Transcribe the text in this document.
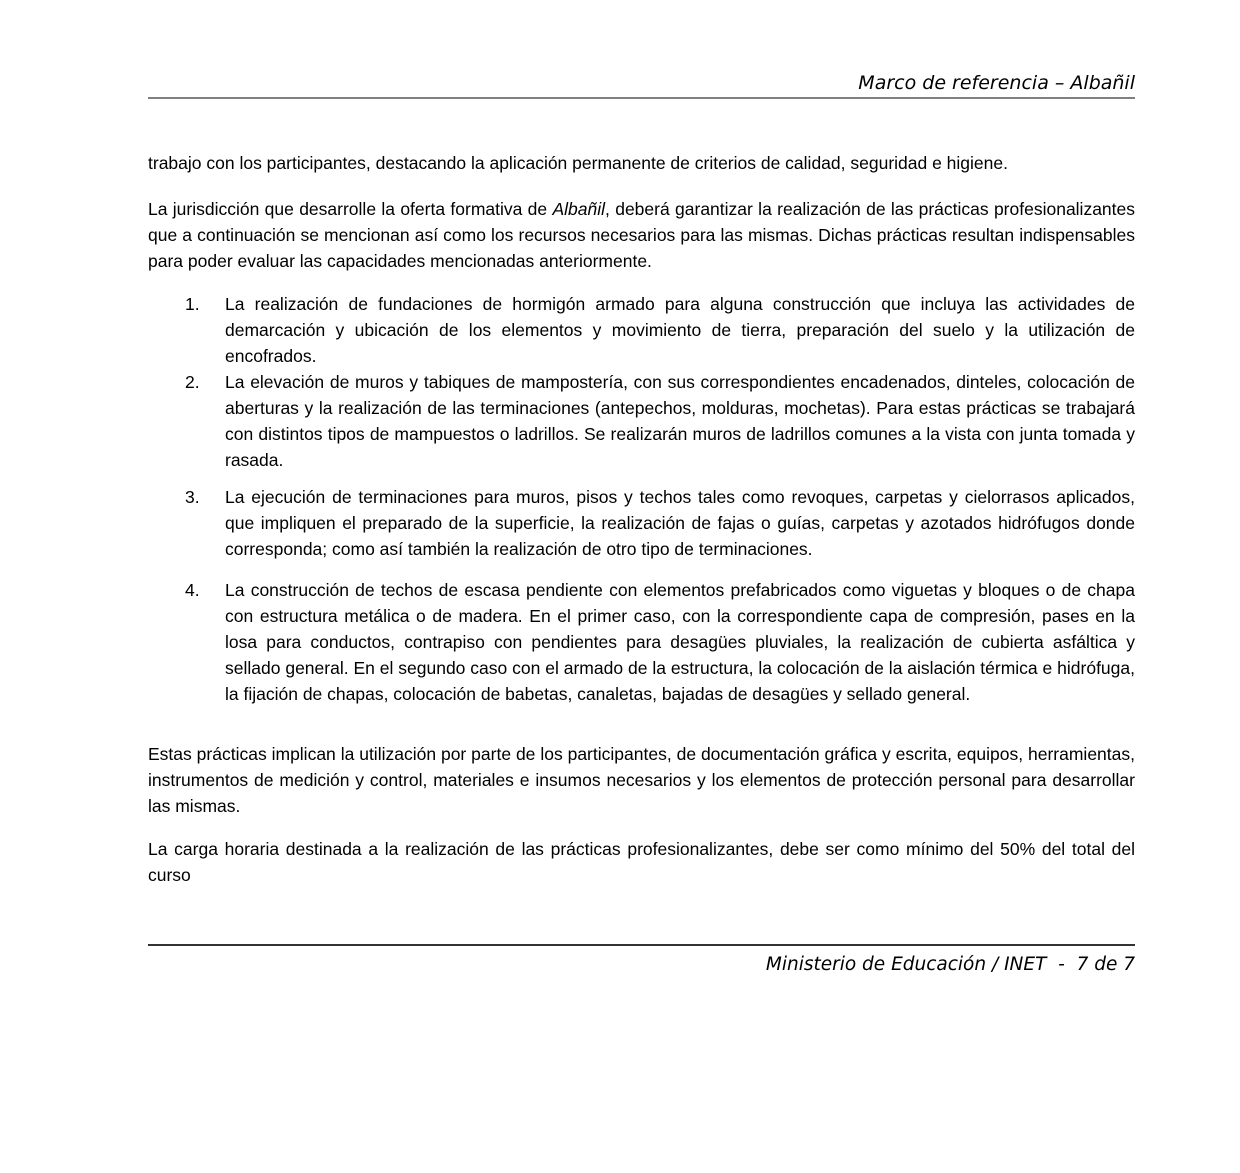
Marco de referencia – Albañil

trabajo con los participantes, destacando la aplicación permanente de criterios de calidad, seguridad e higiene.

La jurisdicción que desarrolle la oferta formativa de Albañil, deberá garantizar la realización de las prácticas profesionalizantes que a continuación se mencionan así como los recursos necesarios para las mismas. Dichas prácticas resultan indispensables para poder evaluar las capacidades mencionadas anteriormente.

1.	La realización de fundaciones de hormigón armado para alguna construcción que incluya las actividades de demarcación y ubicación de los elementos y movimiento de tierra, preparación del suelo y la utilización de encofrados.
2.	La elevación de muros y tabiques de mampostería, con sus correspondientes encadenados, dinteles, colocación de aberturas y la realización de las terminaciones (antepechos, molduras, mochetas). Para estas prácticas se trabajará con distintos tipos de mampuestos o ladrillos. Se realizarán muros de ladrillos comunes a la vista con junta tomada y rasada.
3.	La ejecución de terminaciones para muros, pisos y techos tales como revoques, carpetas y cielorrasos aplicados, que impliquen el preparado de la superficie, la realización de fajas o guías, carpetas y azotados hidrófugos donde corresponda; como así también la realización de otro tipo de terminaciones.
4.	La construcción de techos de escasa pendiente con elementos prefabricados como viguetas y bloques o de chapa con estructura metálica o de madera. En el primer caso, con la correspondiente capa de compresión, pases en la losa para conductos, contrapiso con pendientes para desagües pluviales, la realización de cubierta asfáltica y sellado general. En el segundo caso con el armado de la estructura, la colocación de la aislación térmica e hidrófuga, la fijación de chapas, colocación de babetas, canaletas, bajadas de desagües y sellado general.

Estas prácticas implican la utilización por parte de los participantes, de documentación gráfica y escrita, equipos, herramientas, instrumentos de medición y control, materiales e insumos necesarios y los elementos de protección personal para desarrollar las mismas.

La carga horaria destinada a la realización de las prácticas profesionalizantes, debe ser como mínimo del 50% del total del curso

Ministerio de Educación / INET  -  7 de 7
